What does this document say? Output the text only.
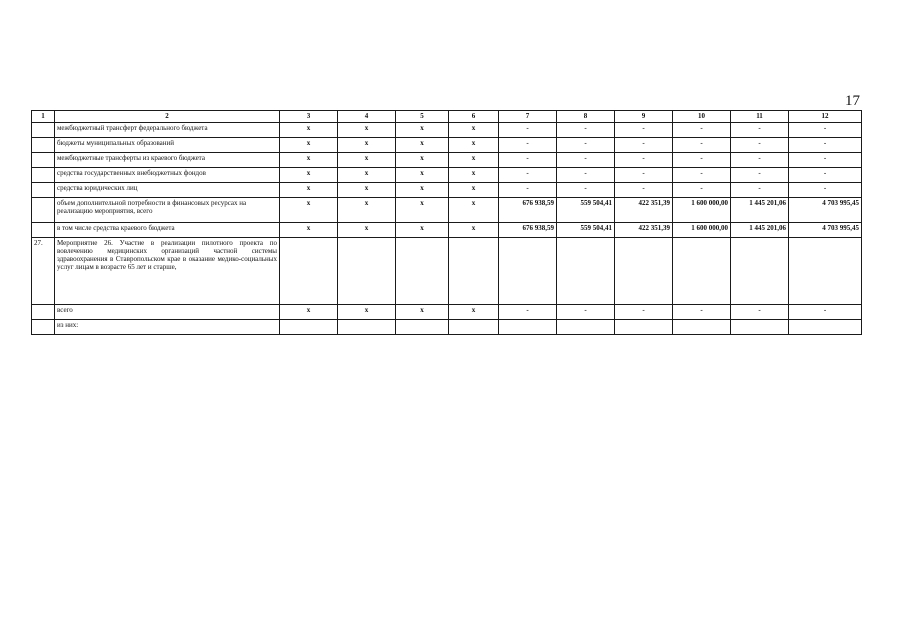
17
1	2	3	4	5	6	7	8	9	10	11	12
	межбюджетный трансферт федерального бюджета	х	х	х	х	-	-	-	-	-	-
	бюджеты муниципальных образований	х	х	х	х	-	-	-	-	-	-
	межбюджетные трансферты из краевого бюджета	х	х	х	х	-	-	-	-	-	-
	средства государственных внебюджетных фондов	х	х	х	х	-	-	-	-	-	-
	средства юридических лиц	х	х	х	х	-	-	-	-	-	-
	объем дополнительной потребности в финансовых ресурсах на реализацию мероприятия, всего	х	х	х	х	676 938,59	559 504,41	422 351,39	1 600 000,00	1 445 201,06	4 703 995,45
	в том числе средства краевого бюджета	х	х	х	х	676 938,59	559 504,41	422 351,39	1 600 000,00	1 445 201,06	4 703 995,45
27.	Мероприятие 26. Участие в реализации пилотного проекта по вовлечению медицинских организаций частной системы здравоохранения в Ставропольском крае в оказание медико-социальных услуг лицам в возрасте 65 лет и старше,										
	всего	х	х	х	х	-	-	-	-	-	-
	из них:										
